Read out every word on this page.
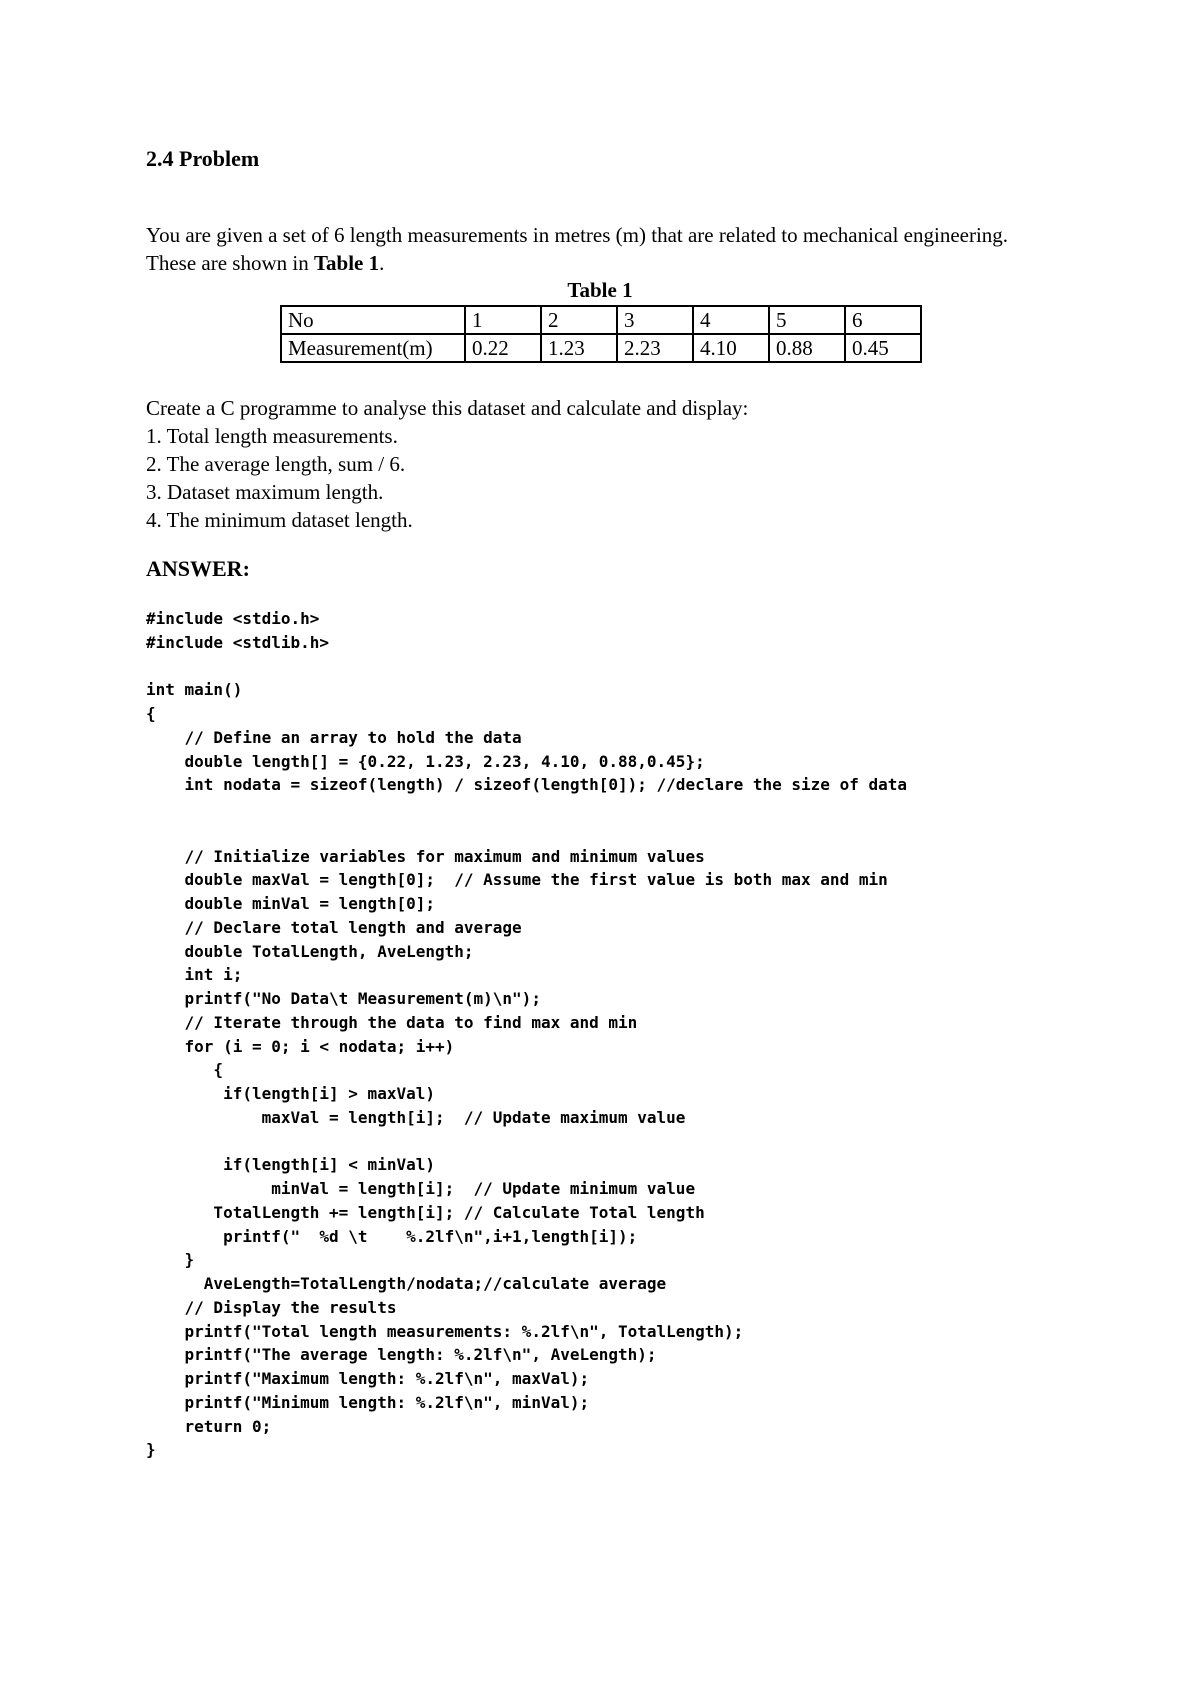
2.4 Problem
You are given a set of 6 length measurements in metres (m) that are related to mechanical engineering. These are shown in Table 1.
Table 1
No	1	2	3	4	5	6
Measurement(m)	0.22	1.23	2.23	4.10	0.88	0.45
Create a C programme to analyse this dataset and calculate and display:
1. Total length measurements.
2. The average length, sum / 6.
3. Dataset maximum length.
4. The minimum dataset length.
ANSWER:
#include <stdio.h>
#include <stdlib.h>

int main()
{
// Define an array to hold the data
double length[] = {0.22, 1.23, 2.23, 4.10, 0.88,0.45};
int nodata = sizeof(length) / sizeof(length[0]); //declare the size of data

// Initialize variables for maximum and minimum values
double maxVal = length[0];  // Assume the first value is both max and min
double minVal = length[0];
// Declare total length and average
double TotalLength, AveLength;
int i;
printf("No Data\t Measurement(m)\n");
// Iterate through the data to find max and min
for (i = 0; i < nodata; i++)
{
if(length[i] > maxVal)
maxVal = length[i];  // Update maximum value

if(length[i] < minVal)
minVal = length[i];  // Update minimum value
TotalLength += length[i]; // Calculate Total length
printf("  %d \t    %.2lf\n",i+1,length[i]);
}
AveLength=TotalLength/nodata;//calculate average
// Display the results
printf("Total length measurements: %.2lf\n", TotalLength);
printf("The average length: %.2lf\n", AveLength);
printf("Maximum length: %.2lf\n", maxVal);
printf("Minimum length: %.2lf\n", minVal);
return 0;
}
